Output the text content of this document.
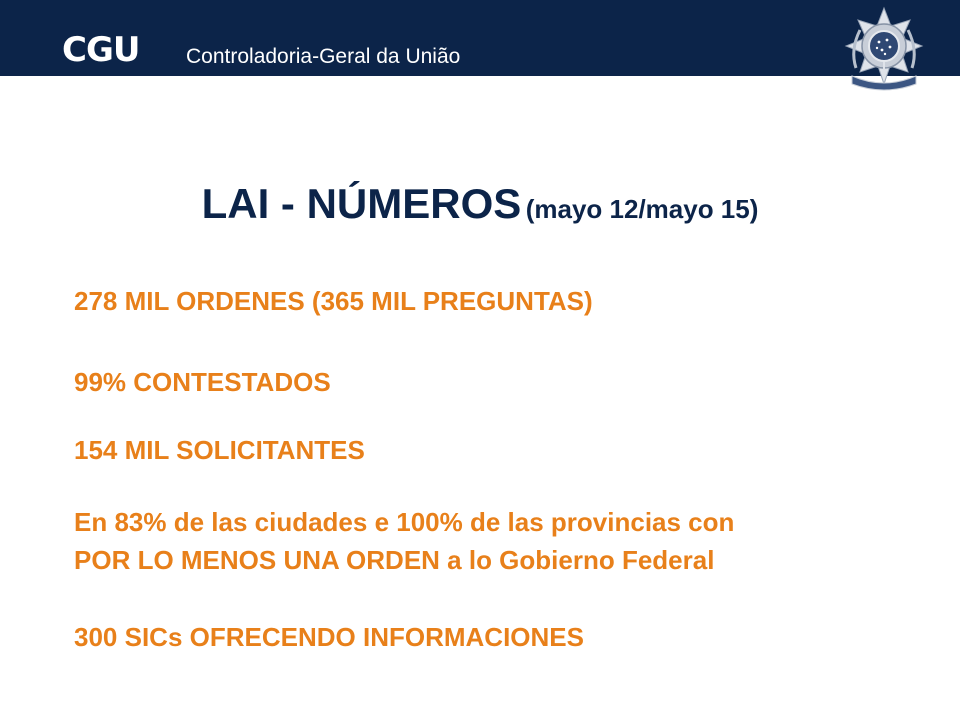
CGU Controladoria-Geral da União
LAI - NÚMEROS (mayo 12/mayo 15)
278 MIL ORDENES (365 MIL PREGUNTAS)
99% CONTESTADOS
154 MIL SOLICITANTES
En 83% de las ciudades e 100% de las provincias con
POR LO MENOS UNA ORDEN a lo Gobierno Federal
300 SICs OFRECENDO INFORMACIONES
